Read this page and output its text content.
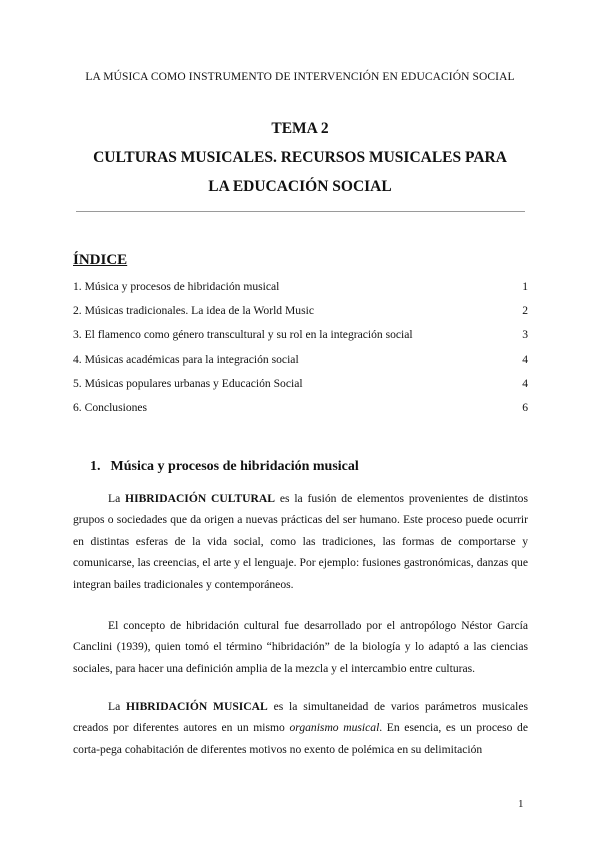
LA MÚSICA COMO INSTRUMENTO DE INTERVENCIÓN EN EDUCACIÓN SOCIAL
TEMA 2
CULTURAS MUSICALES. RECURSOS MUSICALES PARA
LA EDUCACIÓN SOCIAL
ÍNDICE
1. Música y procesos de hibridación musical	1
2. Músicas tradicionales. La idea de la World Music	2
3. El flamenco como género transcultural y su rol en la integración social	3
4. Músicas académicas para la integración social	4
5. Músicas populares urbanas y Educación Social	4
6. Conclusiones	6
1. Música y procesos de hibridación musical

La HIBRIDACIÓN CULTURAL es la fusión de elementos provenientes de distintos grupos o sociedades que da origen a nuevas prácticas del ser humano. Este proceso puede ocurrir en distintas esferas de la vida social, como las tradiciones, las formas de comportarse y comunicarse, las creencias, el arte y el lenguaje. Por ejemplo: fusiones gastronómicas, danzas que integran bailes tradicionales y contemporáneos.

El concepto de hibridación cultural fue desarrollado por el antropólogo Néstor García Canclini (1939), quien tomó el término “hibridación” de la biología y lo adaptó a las ciencias sociales, para hacer una definición amplia de la mezcla y el intercambio entre culturas.

La HIBRIDACIÓN MUSICAL es la simultaneidad de varios parámetros musicales creados por diferentes autores en un mismo organismo musical. En esencia, es un proceso de corta-pega cohabitación de diferentes motivos no exento de polémica en su delimitación

1
